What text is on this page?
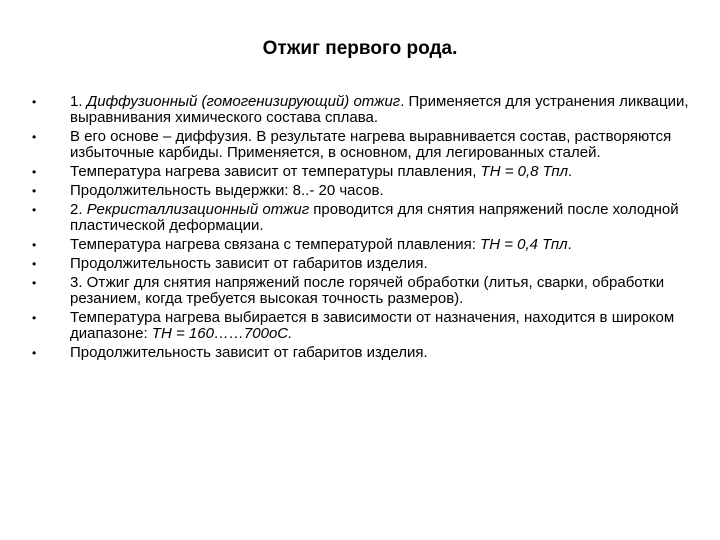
Отжиг первого рода.
•	1. Диффузионный (гомогенизирующий) отжиг. Применяется для устранения ликвации, выравнивания химического состава сплава.
•	В его основе – диффузия. В результате нагрева выравнивается состав, растворяются избыточные карбиды. Применяется, в основном, для легированных сталей.
•	Температура нагрева зависит от температуры плавления, ТН = 0,8 Тпл.
•	Продолжительность выдержки: 8..- 20 часов.
•	2. Рекристаллизационный отжиг проводится для снятия напряжений после холодной пластической деформации.
•	Температура нагрева связана с температурой плавления: ТН = 0,4 Тпл.
•	Продолжительность зависит от габаритов изделия.
•	3. Отжиг для снятия напряжений после горячей обработки (литья, сварки, обработки резанием, когда требуется высокая точность размеров).
•	Температура нагрева выбирается в зависимости от назначения, находится в широком диапазоне: ТН = 160……700оС.
•	Продолжительность зависит от габаритов изделия.
